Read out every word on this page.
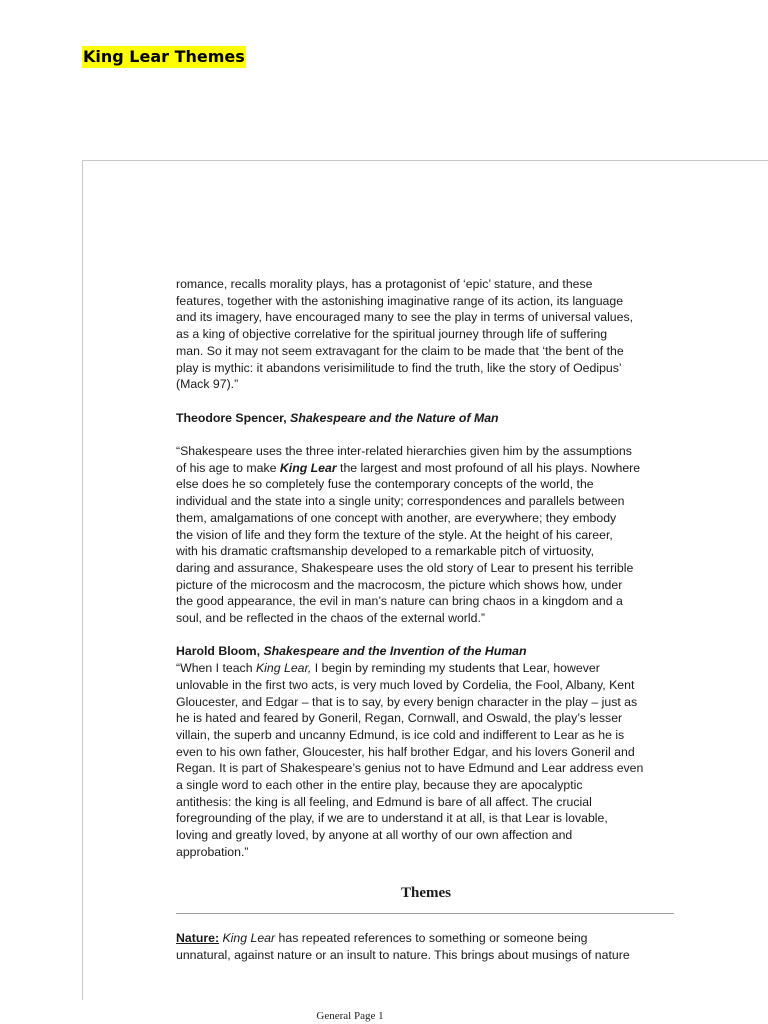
King Lear Themes

romance, recalls morality plays, has a protagonist of ‘epic’ stature, and these
features, together with the astonishing imaginative range of its action, its language
and its imagery, have encouraged many to see the play in terms of universal values,
as a king of objective correlative for the spiritual journey through life of suffering
man. So it may not seem extravagant for the claim to be made that ‘the bent of the
play is mythic: it abandons verisimilitude to find the truth, like the story of Oedipus’
(Mack 97).”

Theodore Spencer, Shakespeare and the Nature of Man

“Shakespeare uses the three inter-related hierarchies given him by the assumptions
of his age to make King Lear the largest and most profound of all his plays. Nowhere
else does he so completely fuse the contemporary concepts of the world, the
individual and the state into a single unity; correspondences and parallels between
them, amalgamations of one concept with another, are everywhere; they embody
the vision of life and they form the texture of the style. At the height of his career,
with his dramatic craftsmanship developed to a remarkable pitch of virtuosity,
daring and assurance, Shakespeare uses the old story of Lear to present his terrible
picture of the microcosm and the macrocosm, the picture which shows how, under
the good appearance, the evil in man’s nature can bring chaos in a kingdom and a
soul, and be reflected in the chaos of the external world.”

Harold Bloom, Shakespeare and the Invention of the Human

“When I teach King Lear, I begin by reminding my students that Lear, however
unlovable in the first two acts, is very much loved by Cordelia, the Fool, Albany, Kent
Gloucester, and Edgar – that is to say, by every benign character in the play – just as
he is hated and feared by Goneril, Regan, Cornwall, and Oswald, the play’s lesser
villain, the superb and uncanny Edmund, is ice cold and indifferent to Lear as he is
even to his own father, Gloucester, his half brother Edgar, and his lovers Goneril and
Regan. It is part of Shakespeare’s genius not to have Edmund and Lear address even
a single word to each other in the entire play, because they are apocalyptic
antithesis: the king is all feeling, and Edmund is bare of all affect. The crucial
foregrounding of the play, if we are to understand it at all, is that Lear is lovable,
loving and greatly loved, by anyone at all worthy of our own affection and
approbation.”

Themes

Nature: King Lear has repeated references to something or someone being
unnatural, against nature or an insult to nature. This brings about musings of nature

General Page 1
